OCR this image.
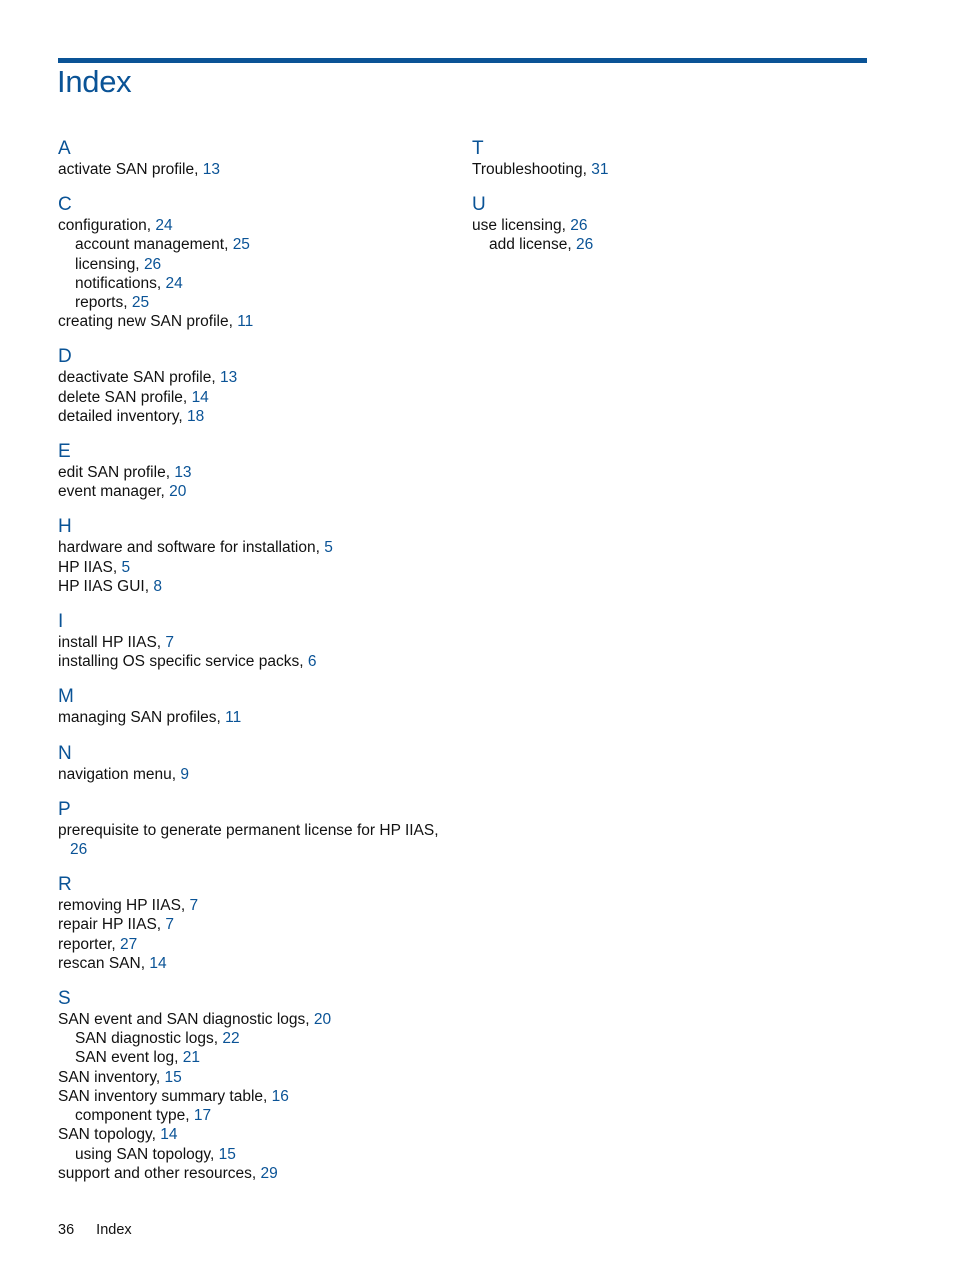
Index
A
activate SAN profile, 13
C
configuration, 24
account management, 25
licensing, 26
notifications, 24
reports, 25
creating new SAN profile, 11
D
deactivate SAN profile, 13
delete SAN profile, 14
detailed inventory, 18
E
edit SAN profile, 13
event manager, 20
H
hardware and software for installation, 5
HP IIAS, 5
HP IIAS GUI, 8
I
install HP IIAS, 7
installing OS specific service packs, 6
M
managing SAN profiles, 11
N
navigation menu, 9
P
prerequisite to generate permanent license for HP IIAS,
26
R
removing HP IIAS, 7
repair HP IIAS, 7
reporter, 27
rescan SAN, 14
S
SAN event and SAN diagnostic logs, 20
SAN diagnostic logs, 22
SAN event log, 21
SAN inventory, 15
SAN inventory summary table, 16
component type, 17
SAN topology, 14
using SAN topology, 15
support and other resources, 29
T
Troubleshooting, 31
U
use licensing, 26
add license, 26
36 Index
